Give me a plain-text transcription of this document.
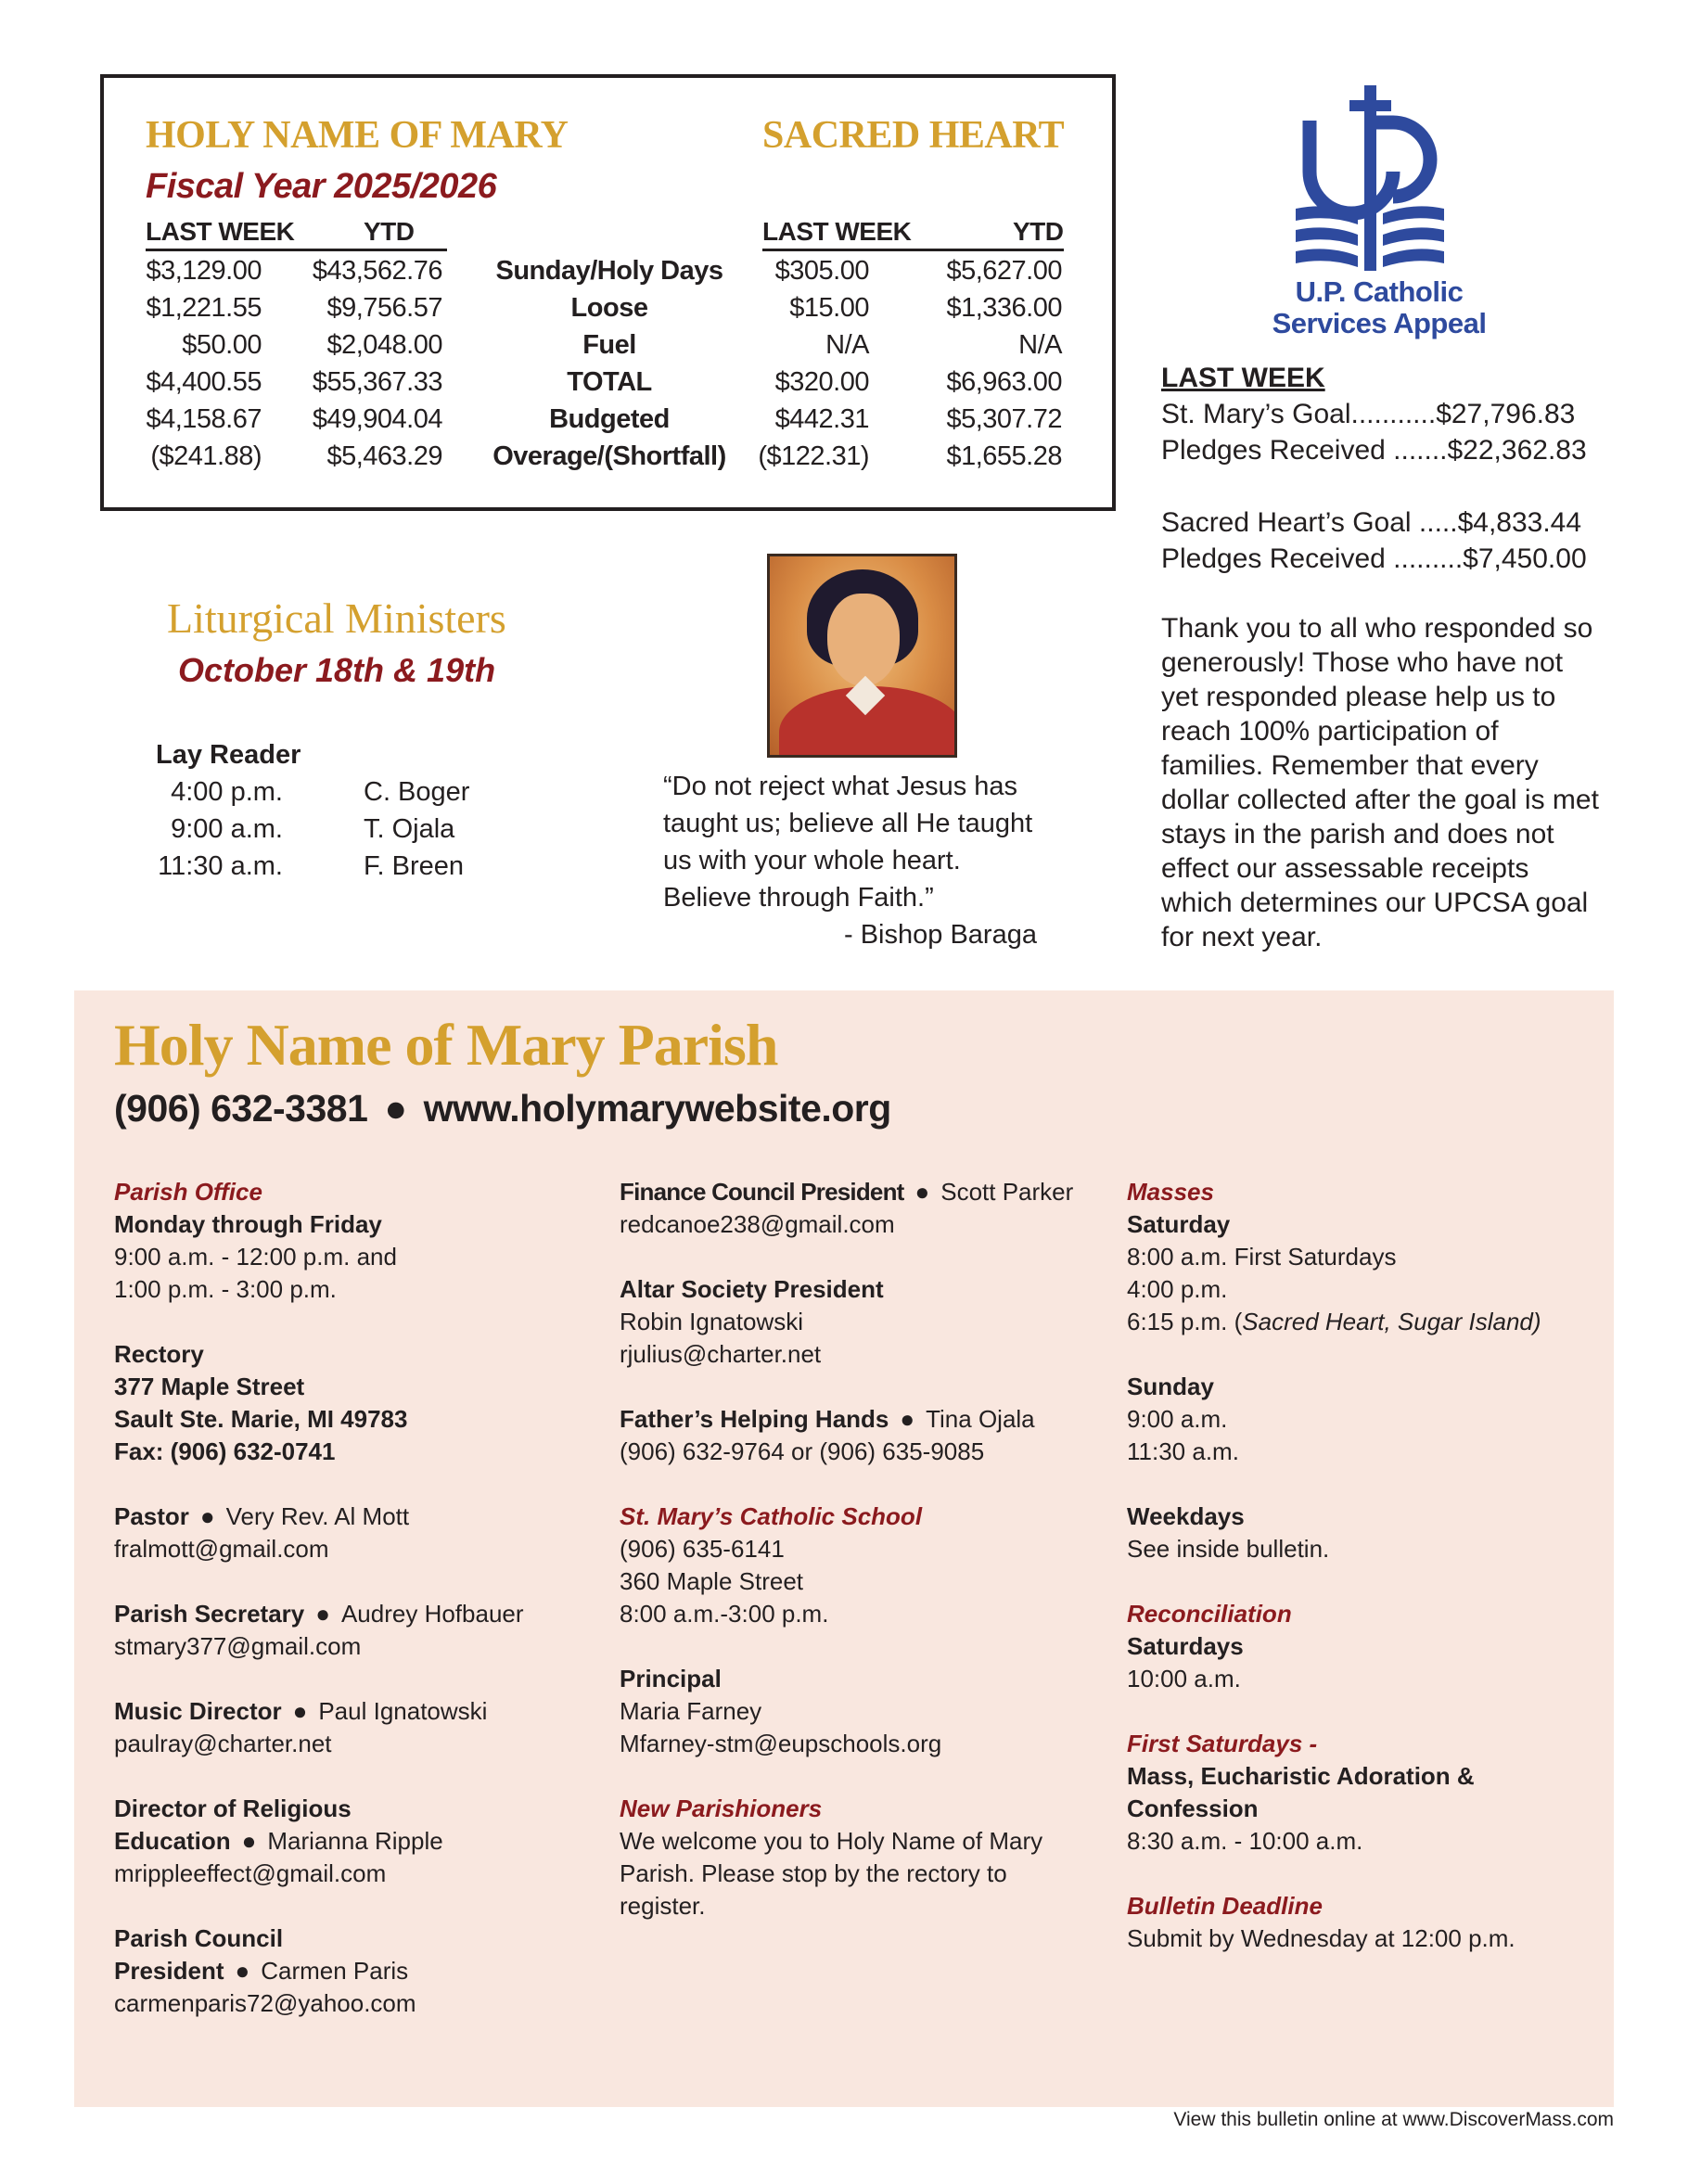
HOLY NAME OF MARY	SACRED HEART
Fiscal Year 2025/2026
LAST WEEK	YTD	LAST WEEK	YTD
$3,129.00 $43,562.76	Sunday/Holy Days	$305.00	$5,627.00
$1,221.55 $9,756.57	Loose	$15.00	$1,336.00
$50.00 $2,048.00	Fuel	N/A	N/A
$4,400.55 $55,367.33	TOTAL	$320.00	$6,963.00
$4,158.67 $49,904.04	Budgeted	$442.31	$5,307.72
($241.88) $5,463.29	Overage/(Shortfall)	($122.31)	$1,655.28
U.P. Catholic
Services Appeal
LAST WEEK
St. Mary’s Goal...........$27,796.83
Pledges Received .......$22,362.83
Sacred Heart’s Goal .....$4,833.44
Pledges Received .........$7,450.00
Thank you to all who responded so generously! Those who have not yet responded please help us to reach 100% participation of families. Remember that every dollar collected after the goal is met stays in the parish and does not effect our assessable receipts which determines our UPCSA goal for next year.
Liturgical Ministers
October 18th & 19th
Lay Reader
4:00 p.m.	C. Boger
9:00 a.m.	T. Ojala
11:30 a.m.	F. Breen
“Do not reject what Jesus has taught us; believe all He taught us with your whole heart. Believe through Faith.”
- Bishop Baraga
Holy Name of Mary Parish
(906) 632-3381 ● www.holymarywebsite.org
Parish Office
Monday through Friday
9:00 a.m. - 12:00 p.m. and
1:00 p.m. - 3:00 p.m.
Rectory
377 Maple Street
Sault Ste. Marie, MI 49783
Fax: (906) 632-0741
Pastor ● Very Rev. Al Mott
fralmott@gmail.com
Parish Secretary ● Audrey Hofbauer
stmary377@gmail.com
Music Director ● Paul Ignatowski
paulray@charter.net
Director of Religious
Education ● Marianna Ripple
mrippleeffect@gmail.com
Parish Council
President ● Carmen Paris
carmenparis72@yahoo.com
Finance Council President ● Scott Parker
redcanoe238@gmail.com
Altar Society President
Robin Ignatowski
rjulius@charter.net
Father’s Helping Hands ● Tina Ojala
(906) 632-9764 or (906) 635-9085
St. Mary’s Catholic School
(906) 635-6141
360 Maple Street
8:00 a.m.-3:00 p.m.
Principal
Maria Farney
Mfarney-stm@eupschools.org
New Parishioners
We welcome you to Holy Name of Mary Parish. Please stop by the rectory to register.
Masses
Saturday
8:00 a.m. First Saturdays
4:00 p.m.
6:15 p.m. (Sacred Heart, Sugar Island)
Sunday
9:00 a.m.
11:30 a.m.
Weekdays
See inside bulletin.
Reconciliation
Saturdays
10:00 a.m.
First Saturdays -
Mass, Eucharistic Adoration & Confession
8:30 a.m. - 10:00 a.m.
Bulletin Deadline
Submit by Wednesday at 12:00 p.m.
View this bulletin online at www.DiscoverMass.com
